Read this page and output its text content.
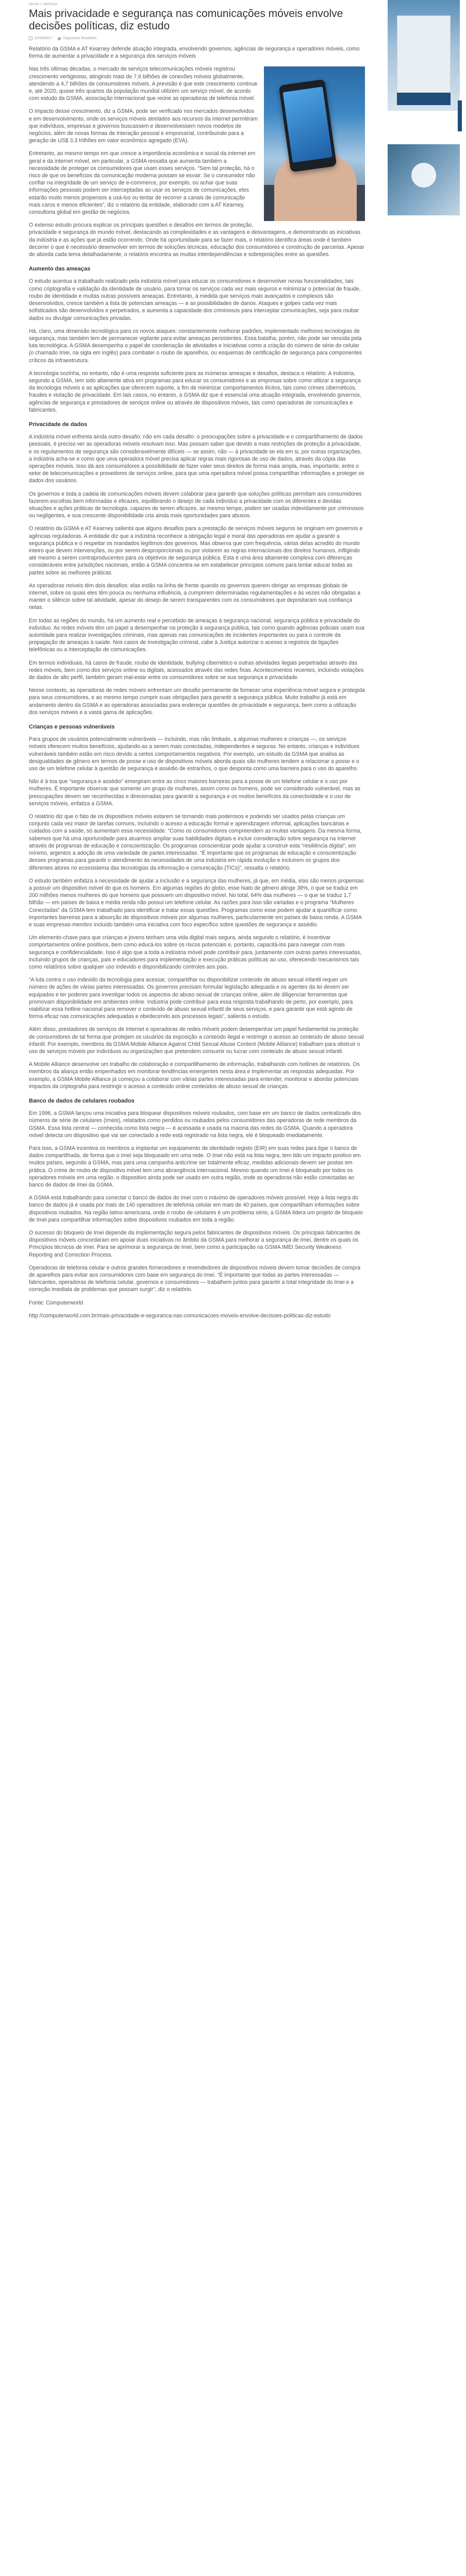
Home > Notícias
Mais privacidade e segurança nas comunicações móveis envolve decisões políticas, diz estudo
22/06/2017	Segurança Brasileira

Relatório da GSMA e AT Kearney defende atuação integrada, envolvendo governos, agências de segurança e operadores móveis, como forma de aumentar a privacidade e a segurança dos serviços móveis

Nas três últimas décadas, o mercado de serviços telecomunicações móveis registrou crescimento vertiginoso, atingindo mais de 7,6 bilhões de conexões móveis globalmente, atendendo a 4,7 bilhões de consumidores móveis. A previsão é que este crescimento continue e, até 2020, quase três quartos da população mundial utilizem um serviço móvel, de acordo com estudo da GSMA, associação internacional que reúne as operadoras de telefonia móvel.

O impacto desse crescimento, diz a GSMA, pode ser verificado nos mercados desenvolvidos e em desenvolvimento, onde os serviços móveis atrelados aos recursos da internet permitiram que indivíduos, empresas e governos buscassem e desenvolvessem novos modelos de negócios, além de novas formas de interação pessoal e empresarial, contribuindo para a geração de US$ 3,3 trilhões em valor econômico agregado (EVA).

Entretanto, ao mesmo tempo em que cresce a importância econômica e social da internet em geral e da internet móvel, em particular, a GSMA ressalta que aumenta também a necessidade de proteger os consumidores que usam esses serviços. “Sem tal proteção, há o risco de que os benefícios da comunicação moderna possam se esvair. Se o consumidor não confiar na integridade de um serviço de e-commerce, por exemplo, ou achar que suas informações pessoais podem ser interceptadas ao usar os serviços de comunicações, eles estarão muito menos propensos a usá-los ou tentar de recorrer a canais de comunicação mais caros e menos eficientes”, diz o relatório da entidade, elaborado com a AT Kearney, consultoria global em gestão de negócios.

O extenso estudo procura explicar os principais questões e desafios em termos de proteção, privacidade e segurança do mundo móvel, destacando as complexidades e as vantagens e desvantagens, e demonstrando as iniciativas da indústria e as ações que já estão ocorrendo. Onde há oportunidade para se fazer mais, o relatório identifica áreas onde é também decorrer o que é necessário desenvolver em termos de soluções técnicas, educação dos consumidores e construção de parcerias. Apesar de aborda cada tema detalhadamente, o relatório encontra as muitas interdependências e sobreposições entre as questões.

Aumento das ameaças

O estudo acentua a trabalhado realizado pela indústria móvel para educar os consumidores e desenvolver novas funcionalidades, tais como criptografia e validação da identidade de usuário, para tornar os serviços cada vez mais seguros e minimizar o potencial de fraude, roubo de identidade e muitas outras possíveis ameaças. Entretanto, à medida que serviços mais avançados e complexos são desenvolvidos, cresce também a lista de potenciais ameaças — e as possibilidades de danos. Ataques e golpes cada vez mais sofisticados são desenvolvidos e perpetrados, e aumenta a capacidade dos criminosos para interceptar comunicações, seja para roubar dados ou divulgar comunicações privadas.

Há, claro, uma dimensão tecnológica para os novos ataques: constantemente melhorar padrões, implementado melhores tecnologias de segurança, mas também tem de permanecer vigilante para evitar ameaças persistentes. Essa batalha, porém, não pode ser vencida pela luta tecnológica. A GSMA desempenha o papel de coordenação de atividades e iniciativas como a criação do número de série do celular (o chamado Imei, na sigla em inglês) para combater o roubo de aparelhos, ou esquemas de certificação de segurança para componentes críticos da infraestrutura.

A tecnologia sozinha, no entanto, não é uma resposta suficiente para as inúmeras ameaças e desafios, destaca o relatório. A indústria, segundo a GSMA, tem sido altamente ativa em programas para educar os consumidores e as empresas sobre como utilizar a segurança da tecnologia móveis e as aplicações que oferecem suporte, a fim de minimizar comportamentos ilícitos, tais como crimes cibernéticos, fraudes e violação de privacidade. Em tais casos, no entanto, a GSMA diz que é essencial uma atuação integrada, envolvendo governos, agências de segurança e prestadores de serviços online ou através de dispositivos móveis, tais como operadoras de comunicações e fabricantes.

Privacidade de dados

A indústria móvel enfrenta ainda outro desafio: não em cada desafio: o preocupações sobre a privacidade e o compartilhamento de dados pessoais, é preciso ver as operadoras móveis resolvam isso. Mas possam saber que devido a mais restrições de proteção à privacidade, e os regulamentos de segurança são consideravelmente difíceis — se assim, não — à privacidade se ela em si, por outras organizações, a indústria acha-se e como que uma operadora móvel precisa aplicar regras mais rigorosas de uso de dados, através da cópia das operações móveis. Isso dá aos consumidores a possibilidade de fazer valer seus direitos de forma mais ampla, mas, importante, entre o setor de telecomunicações e provedores de serviços online, para que uma operadora móvel possa compartilhar informações e proteger os dados dos usuários.

Os governos e toda a cadeia de comunicações móveis devem colaborar para garantir que soluções políticas permitam aos consumidores fazerem escolhas bem informadas e eficazes, equilibrando o desejo de cada indivíduo a privacidade com os diferentes e devidas situações e ações práticas de tecnologia, capazes de serem eficazes, ao mesmo tempo, podem ser usadas indevidamente por criminosos ou negligentes, e sua crescente disponibilidade cria ainda mais oportunidades para abusos.

O relatório da GSMA e AT Kearney salienta que alguns desafios para a prestação de serviços móveis seguros se originam em governos e agências reguladoras. A entidade diz que a indústria reconhece a obrigação legal e moral das operadoras em ajudar a garantir a segurança pública e o respeitar os mandados legítimos dos governos. Mas observa que com frequência, várias delas acredito do mundo inteiro que devem intervenções, ou por serem desproporcionais ou por violarem as regras internacionais dos direitos humanos, infligindo até mesmo a serem contraproducentes para os objetivos de segurança pública. Esta é uma área altamente complexa com diferenças consideráveis entre jurisdições nacionais, então a GSMA concentra-se em estabelecer princípios comuns para tentar educar todas as partes sobre as melhores práticas.

As operadoras móveis têm dois desafios: elas estão na linha de frente quando os governos querem obrigar as empresas globais de internet, sobre os quais eles têm pouca ou nenhuma influência, a cumprirem determinadas regulamentações e às vezes não obrigadas a manter o silêncio sobre tal atividade, apesar do desejo de serem transparentes com os consumidores que depositaram sua confiança nelas.

Em todas as regiões do mundo, há um aumento real e percebido de ameaças à segurança nacional, segurança pública e privacidade do indivíduo. As redes móveis têm um papel a desempenhar na proteção à segurança pública, tais como quando agências policiais usam sua autoridade para realizar investigações criminais, mas apenas nas comunicações de incidentes importantes ou para o controle da propagação de ameaças à saúde. Nos casos de investigação criminal, cabe à Justiça autorizar o acesso a registros de ligações telefônicas ou a interceptação de comunicações.

Em termos individuais, há casos de fraude, roubo de identidade, bullying cibernético e outras atividades ilegais perpetradas através das redes móveis, bem como dos serviços online ou digitais, acessados através das redes fixas. Acontecimentos recentes, incluindo violações de dados de alto perfil, também geram mal-estar entre os consumidores sobre se sua segurança e privacidade.

Nesse contexto, as operadoras de redes móveis enfrentam um desafio permanente de fornecer uma experiência móvel segura e protegida para seus consumidores, e ao mesmo tempo cumprir suas obrigações para garantir a segurança pública. Muito trabalho já está em andamento dentro da GSMA e as operadoras associadas para endereçar questões de privacidade e segurança, bem como a utilização dos serviços móveis e a vasta gama de aplicações.

Crianças e pessoas vulneráveis

Para grupos de usuários potencialmente vulneráveis — incluindo, mas não limitado, a algumas mulheres e crianças —, os serviços móveis oferecem muitos benefícios, ajudando-as a serem mais conectadas, independentes e seguras. No entanto, crianças e indivíduos vulneráveis também estão em risco devido a certos comportamentos negativos. Por exemplo, um estudo da GSMA que analisa as desigualdades de gênero em termos de posse e uso de dispositivos móveis aborda quais são mulheres tendem a relacionar a posse e o uso de um telefone celular à questão de segurança e assédio de estranhos, o que desponta como uma barreira para o uso do aparelho.

Não é à toa que “segurança e assédio” emergiram entre as cinco maiores barreiras para a posse de um telefone celular e o uso por mulheres. É importante observar que somente um grupo de mulheres, assim como os homens, pode ser considerado vulnerável, mas as preocupações devem ser reconhecidas e direcionadas para garantir a segurança e os muitos benefícios da conectividade e o uso de serviços móveis, enfatiza a GSMA.

O relatório diz que o fato de os dispositivos móveis estarem se tornando mais poderosos e podendo ser usados pelas crianças um conjunto cada vez maior de tarefas comuns, incluindo o acesso a educação formal e aprendizagem informal, aplicações bancárias e cuidados com a saúde, só aumentam essa necessidade. “Como os consumidores compreendem as muitas vantagens. Da mesma forma, sabemos que há uma oportunidade para atuarmos ampliar suas habilidades digitais e incluir consideração sobre segurança na internet através de programas de educação e conscientização. Os programas conscientizar pode ajudar a construir esta “resiliência digital”, em mínimo, argentos a adoção de uma variedade de partes interessadas. “É importante que os programas de educação e conscientização desses programas para garantir o atendimento às necessidades de uma indústria em rápida evolução e incluírem os grupos dos diferentes atores no ecossistema das tecnologias da informação e comunicação (TICs)”, ressalta o relatório.

O estudo também enfatiza a necessidade de ajudar a inclusão e a segurança das mulheres, já que, em média, elas são menos propensas a possuir um dispositivo móvel do que os homens. Em algumas regiões do globo, esse hiato de gênero atinge 38%, o que se traduz em 200 milhões menos mulheres do que homens que possuem um dispositivo móvel. No total, 64% das mulheres — o que se traduz 1,7 bilhão — em países de baixa e média renda não possui um telefone celular. As razões para isso são variadas e o programa “Mulheres Conectadas” da GSMA tem trabalhado para identificar e tratar essas questões. Programas como esse podem ajudar a quantificar como importantes barreiras para a absorção de dispositivos móveis por algumas mulheres, particularmente em países de baixa renda. A GSMA e suas empresas-membro incluído também uma iniciativa com foco específico sobre questões de segurança e assédio.

Um elemento-chave para que crianças e jovens tenham uma vida digital mais segura, ainda segundo o relatório, é incentivar comportamentos online positivos, bem como educá-los sobre os riscos potenciais e, portanto, capacitá-los para navegar com mais segurança e confidencialidade. Isso é algo que a toda a indústria móvel pode contribuir para, juntamente com outras partes interessadas, incluindo grupos de crianças, pais e educadores para implementação e execução práticas políticas ao uso, oferecendo mecanismos tais como relatórios sobre qualquer uso indevido e disponibilizando controles aos pais.

“A luta contra o uso indevido da tecnologia para acessar, compartilhar ou disponibilizar conteúdo de abuso sexual infantil requer um número de ações de várias partes interessadas. Os governos precisam formular legislação adequada e os agentes da lei devem ser equipados e ter poderes para investigar todos os aspectos do abuso sexual de crianças online, além de diligenciar ferramentas que promovam disponibilidade em ambientes online. Indústria pode contribuir para essa resposta trabalhando de perto, por exemplo, para viabilizar essa hotline nacional para remover o conteúdo de abuso sexual infantil de seus serviços, e para garantir que está agindo de forma eficaz nas comunicações adequadas e obedecendo aos processos legais”, salienta o estudo.

Além disso, prestadores de serviços de Internet e operadoras de redes móveis podem desempenhar um papel fundamental na proteção de consumidores de tal forma que protejam os usuários da exposição a conteúdo ilegal e restringir o acesso ao conteúdo de abuso sexual infantil. Por exemplo, membros da GSMA Mobile Alliance Against Child Sexual Abuse Content (Mobile Alliance) trabalham para obstruir o uso de serviços móveis por indivíduos ou organizações que pretendem consumir ou lucrar com conteúdo de abuso sexual infantil.

A Mobile Alliance desenvolve um trabalho de colaboração e compartilhamento de informação, trabalhando com hotlines de relatórios. Os membros da aliança então empenhados em monitorar tendências emergentes nesta área e implementar as respostas adequadas. Por exemplo, a GSMA Mobile Alliance já começou a colaborar com várias partes interessadas para entender, monitorar e abordar potenciais impactos da criptografia para restringir o acesso a conteúdo online conteúdos de abuso sexual de crianças.

Banco de dados de celulares roubados

Em 1996, a GSMA lançou uma iniciativa para bloquear dispositivos móveis roubados, com base em um banco de dados centralizado dos números de série de celulares (Imeis), relatados como perdidos ou roubados pelos consumidores das operadoras de rede membros da GSMA. Essa lista central — conhecida como lista negra — é acessada e usada na maioria das redes da GSMA. Quando a operadora móvel detecta um dispositivo que vai ser conectado a rede está registrado na lista negra, ele é bloqueado imediatamente.

Para isso, a GSMA incentiva os membros a implantar um equipamento de identidade registo (EIR) em suas redes para ligar o banco de dados compartilhada, de forma que o Imei seja bloqueado em uma rede. O Imei não está na lista negra, tem tido um impacto positivo em muitos países, segundo a GSMA, mas para uma campanha anticrime ser totalmente eficaz, medidas adicionais devem ser postas em prática. O crime de roubo de dispositivo móvel tem uma abrangência internacional. Mesmo quando um Imei é bloqueado por todos os operadores móveis em uma região, o dispositivo ainda pode ser usado em outra região, onde as operadoras não estão conectadas ao banco de dados de Imei da GSMA.

A GSMA está trabalhando para conectar o banco de dados do Imei com o máximo de operadores móveis possível. Hoje a lista negra do banco de dados já é usada por mais de 140 operadores de telefonia celular em mais de 40 países, que compartilham informações sobre dispositivos roubados. Na região latino-americana, onde o roubo de celulares é um problema sério, a GSMA lidera um projeto de bloqueio de Imei para compartilhar informações sobre dispositivos roubados em toda a região.

O sucesso do bloqueio de Imei depende da implementação segura pelos fabricantes de dispositivos móveis. Os principais fabricantes de dispositivos móveis concordaram em apoiar duas iniciativas no âmbito da GSMA para melhorar a segurança de Imei, dentre os quais os Princípios técnicos de Imei. Para se aprimorar a segurança de Imei, bem como a participação na GSMA IMEI Security Weakness Reporting and Correction Process.

Operadoras de telefonia celular e outros grandes fornecedores e revendedores de dispositivos móveis devem tomar decisões de compra de aparelhos para evitar aos consumidores com base em segurança do Imei. “É importante que todas as partes interessadas — fabricantes, operadoras de telefonia celular, governos e consumidores — trabalhem juntos para garantir a total integridade do Imei e a correção imediata de problemas que possam surgir”, diz o relatório.

Fonte: Computerworld

http://computerworld.com.br/mais-privacidade-e-seguranca-nas-comunicacoes-moveis-envolve-decisoes-politicas-diz-estudo
